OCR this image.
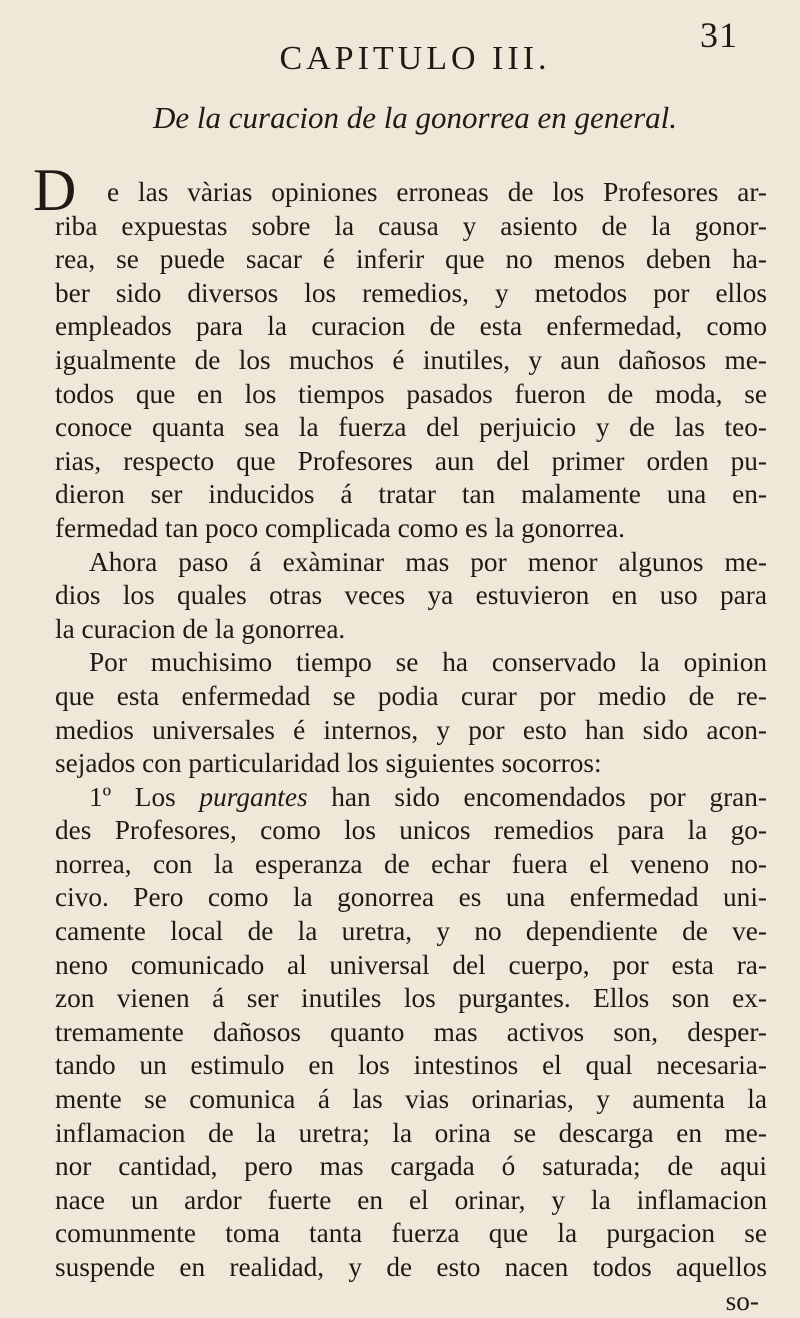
31
CAPITULO III.
De la curacion de la gonorrea en general.
D e las vàrias opiniones erroneas de los Profesores ar-
riba expuestas sobre la causa y asiento de la gonor-
rea, se puede sacar é inferir que no menos deben ha-
ber sido diversos los remedios, y metodos por ellos
empleados para la curacion de esta enfermedad, como
igualmente de los muchos é inutiles, y aun dañosos me-
todos que en los tiempos pasados fueron de moda, se
conoce quanta sea la fuerza del perjuicio y de las teo-
rias, respecto que Profesores aun del primer orden pu-
dieron ser inducidos á tratar tan malamente una en-
fermedad tan poco complicada como es la gonorrea.
Ahora paso á exàminar mas por menor algunos me-
dios los quales otras veces ya estuvieron en uso para
la curacion de la gonorrea.
Por muchisimo tiempo se ha conservado la opinion
que esta enfermedad se podia curar por medio de re-
medios universales é internos, y por esto han sido acon-
sejados con particularidad los siguientes socorros:
1º Los purgantes han sido encomendados por gran-
des Profesores, como los unicos remedios para la go-
norrea, con la esperanza de echar fuera el veneno no-
civo. Pero como la gonorrea es una enfermedad uni-
camente local de la uretra, y no dependiente de ve-
neno comunicado al universal del cuerpo, por esta ra-
zon vienen á ser inutiles los purgantes. Ellos son ex-
tremamente dañosos quanto mas activos son, desper-
tando un estimulo en los intestinos el qual necesaria-
mente se comunica á las vias orinarias, y aumenta la
inflamacion de la uretra; la orina se descarga en me-
nor cantidad, pero mas cargada ó saturada; de aqui
nace un ardor fuerte en el orinar, y la inflamacion
comunmente toma tanta fuerza que la purgacion se
suspende en realidad, y de esto nacen todos aquellos
so-
